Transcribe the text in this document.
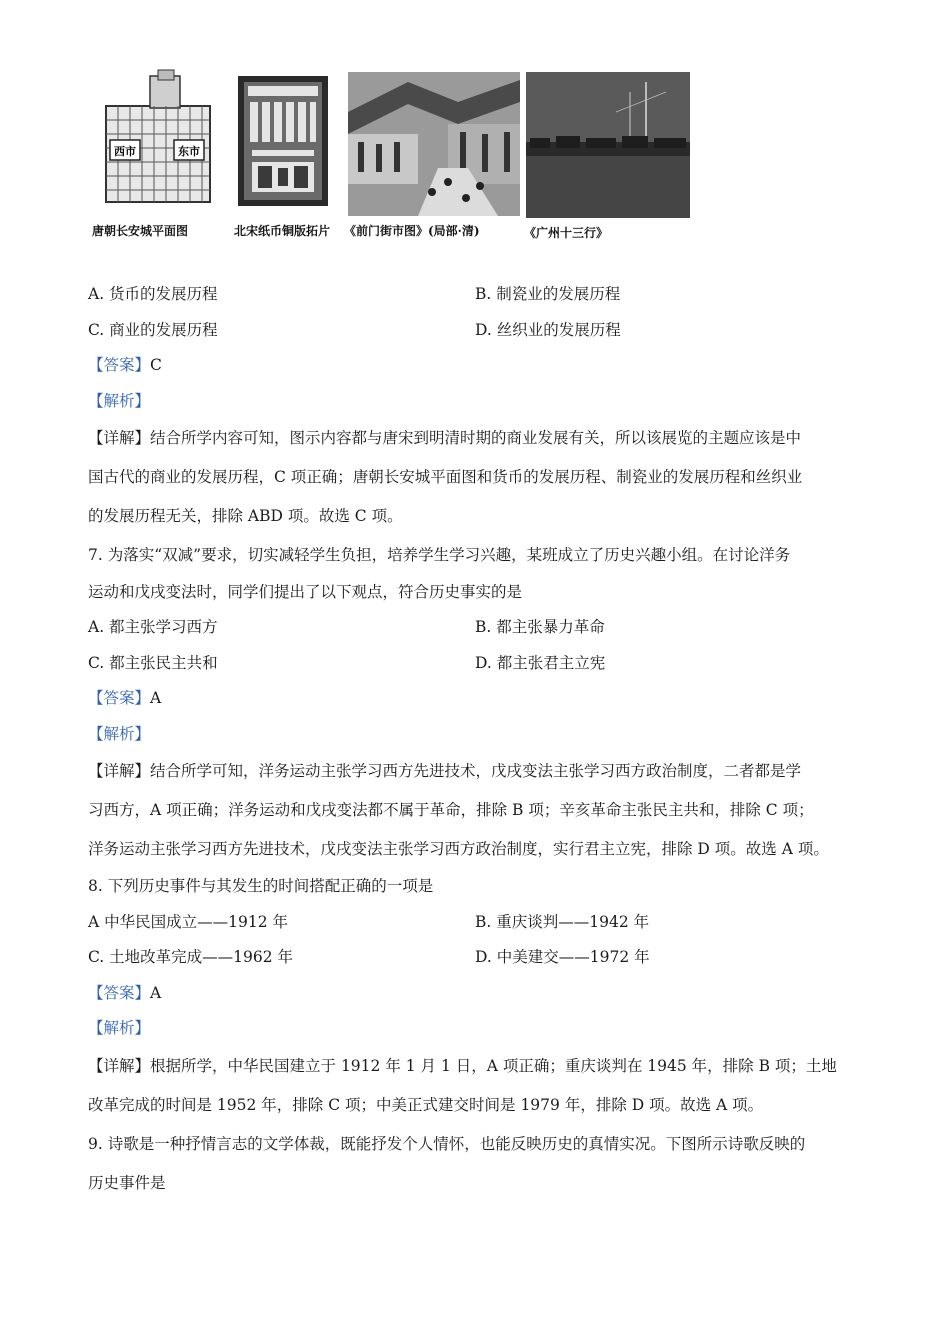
西市	东市
唐朝长安城平面图	北宋纸币铜版拓片 《前门街市图》(局部·清)	《广州十三行》
A. 货币的发展历程	B. 制瓷业的发展历程
C. 商业的发展历程	D. 丝织业的发展历程
【答案】C
【解析】
【详解】结合所学内容可知，图示内容都与唐宋到明清时期的商业发展有关，所以该展览的主题应该是中
国古代的商业的发展历程，C 项正确；唐朝长安城平面图和货币的发展历程、制瓷业的发展历程和丝织业
的发展历程无关，排除 ABD 项。故选 C 项。
7. 为落实“双减”要求，切实减轻学生负担，培养学生学习兴趣，某班成立了历史兴趣小组。在讨论洋务
运动和戊戌变法时，同学们提出了以下观点，符合历史事实的是
A. 都主张学习西方	B. 都主张暴力革命
C. 都主张民主共和	D. 都主张君主立宪
【答案】A
【解析】
【详解】结合所学可知，洋务运动主张学习西方先进技术，戊戌变法主张学习西方政治制度，二者都是学
习西方，A 项正确；洋务运动和戊戌变法都不属于革命，排除 B 项；辛亥革命主张民主共和，排除 C 项；
洋务运动主张学习西方先进技术，戊戌变法主张学习西方政治制度，实行君主立宪，排除 D 项。故选 A 项。
8. 下列历史事件与其发生的时间搭配正确的一项是
A 中华民国成立——1912 年	B. 重庆谈判——1942 年
C. 土地改革完成——1962 年	D. 中美建交——1972 年
【答案】A
【解析】
【详解】根据所学，中华民国建立于 1912 年 1 月 1 日，A 项正确；重庆谈判在 1945 年，排除 B 项；土地
改革完成的时间是 1952 年，排除 C 项；中美正式建交时间是 1979 年，排除 D 项。故选 A 项。
9. 诗歌是一种抒情言志的文学体裁，既能抒发个人情怀，也能反映历史的真情实况。下图所示诗歌反映的
历史事件是
